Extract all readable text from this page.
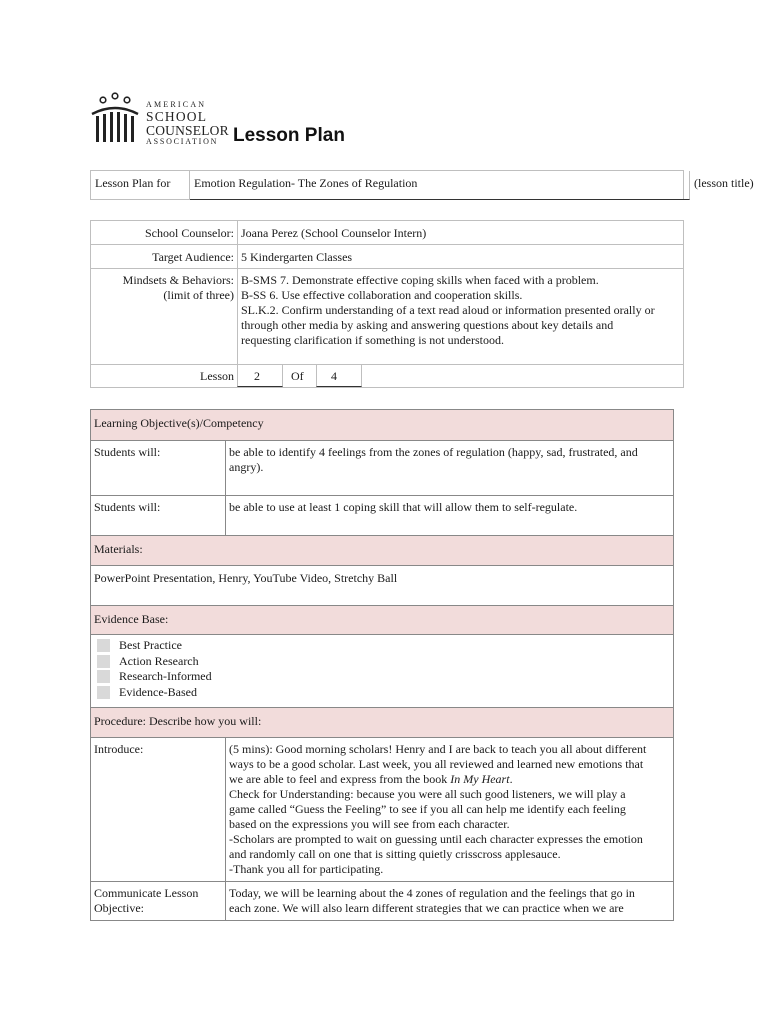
AMERICAN
SCHOOL
COUNSELOR
ASSOCIATION Lesson Plan
Lesson Plan for	Emotion Regulation- The Zones of Regulation	(lesson title)
School Counselor: Joana Perez (School Counselor Intern)
Target Audience: 5 Kindergarten Classes
Mindsets & Behaviors:
(limit of three)
B-SMS 7. Demonstrate effective coping skills when faced with a problem.
B-SS 6. Use effective collaboration and cooperation skills.
SL.K.2. Confirm understanding of a text read aloud or information presented orally or
through other media by asking and answering questions about key details and
requesting clarification if something is not understood.
Lesson	2	Of	4
Learning Objective(s)/Competency
Students will:	be able to identify 4 feelings from the zones of regulation (happy, sad, frustrated, and
angry).
Students will:	be able to use at least 1 coping skill that will allow them to self-regulate.
Materials:
PowerPoint Presentation, Henry, YouTube Video, Stretchy Ball
Evidence Base:
Best Practice
Action Research
Research-Informed
Evidence-Based
Procedure: Describe how you will:
Introduce:	(5 mins): Good morning scholars! Henry and I are back to teach you all about different
ways to be a good scholar. Last week, you all reviewed and learned new emotions that
we are able to feel and express from the book In My Heart.
Check for Understanding: because you were all such good listeners, we will play a
game called “Guess the Feeling” to see if you all can help me identify each feeling
based on the expressions you will see from each character.
-Scholars are prompted to wait on guessing until each character expresses the emotion
and randomly call on one that is sitting quietly crisscross applesauce.
-Thank you all for participating.
Communicate Lesson
Objective:
Today, we will be learning about the 4 zones of regulation and the feelings that go in
each zone. We will also learn different strategies that we can practice when we are
